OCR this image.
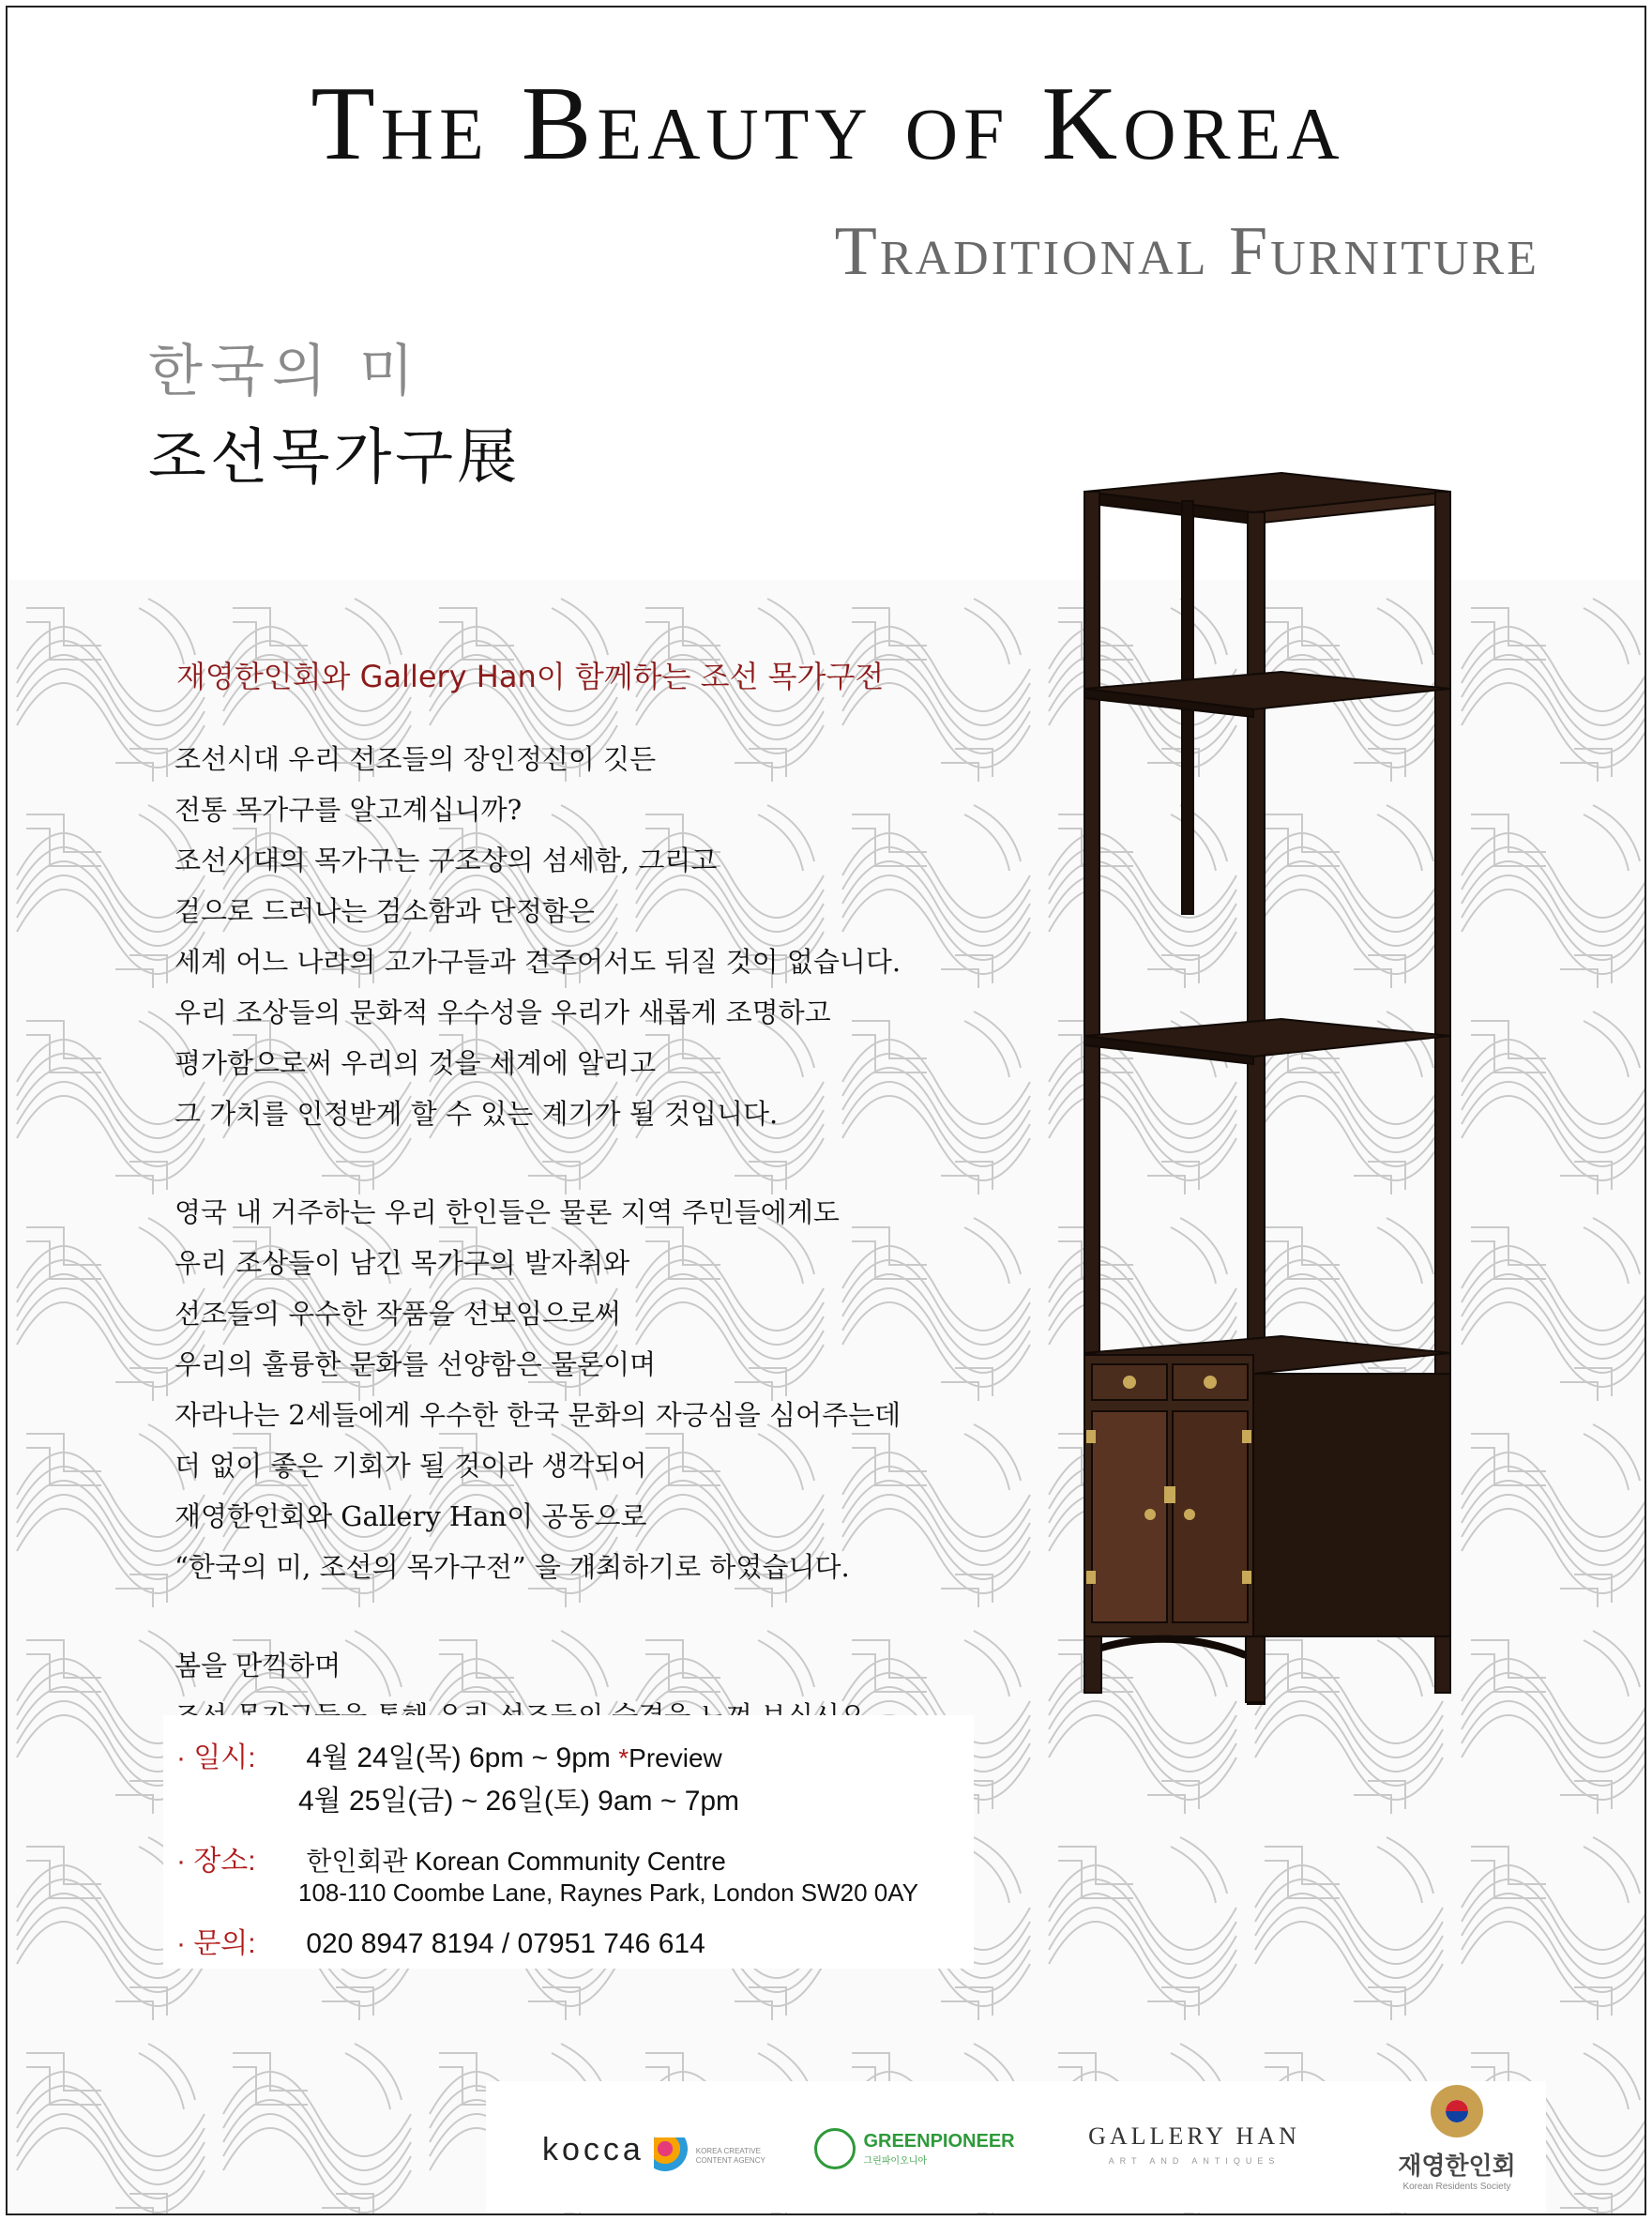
The Beauty of Korea
Traditional Furniture
한국의 미
조선목가구展
재영한인회와 Gallery Han이 함께하는 조선 목가구전
조선시대 우리 선조들의 장인정신이 깃든
전통 목가구를 알고계십니까?
조선시대의 목가구는 구조상의 섬세함, 그리고
겉으로 드러나는 검소함과 단정함은
세계 어느 나라의 고가구들과 견주어서도 뒤질 것이 없습니다.
우리 조상들의 문화적 우수성을 우리가 새롭게 조명하고
평가함으로써 우리의 것을 세계에 알리고
그 가치를 인정받게 할 수 있는 계기가 될 것입니다.
영국 내 거주하는 우리 한인들은 물론 지역 주민들에게도
우리 조상들이 남긴 목가구의 발자취와
선조들의 우수한 작품을 선보임으로써
우리의 훌륭한 문화를 선양함은 물론이며
자라나는 2세들에게 우수한 한국 문화의 자긍심을 심어주는데
더 없이 좋은 기회가 될 것이라 생각되어
재영한인회와 Gallery Han이 공동으로
“한국의 미, 조선의 목가구전” 을 개최하기로 하였습니다.
봄을 만끽하며
· 일시: 4월 24일(목) 6pm ~ 9pm *Preview
4월 25일(금) ~ 26일(토) 9am ~ 7pm
· 장소: 한인회관 Korean Community Centre
108-110 Coombe Lane, Raynes Park, London SW20 0AY
· 문의: 020 8947 8194 / 07951 746 614
kocca	KOREA CREATIVE CONTENT AGENCY

GREENPIONEER
그린파이오니아
GALLERY HAN
ART AND ANTIQUES	재영한인회
Korean Residents Society
